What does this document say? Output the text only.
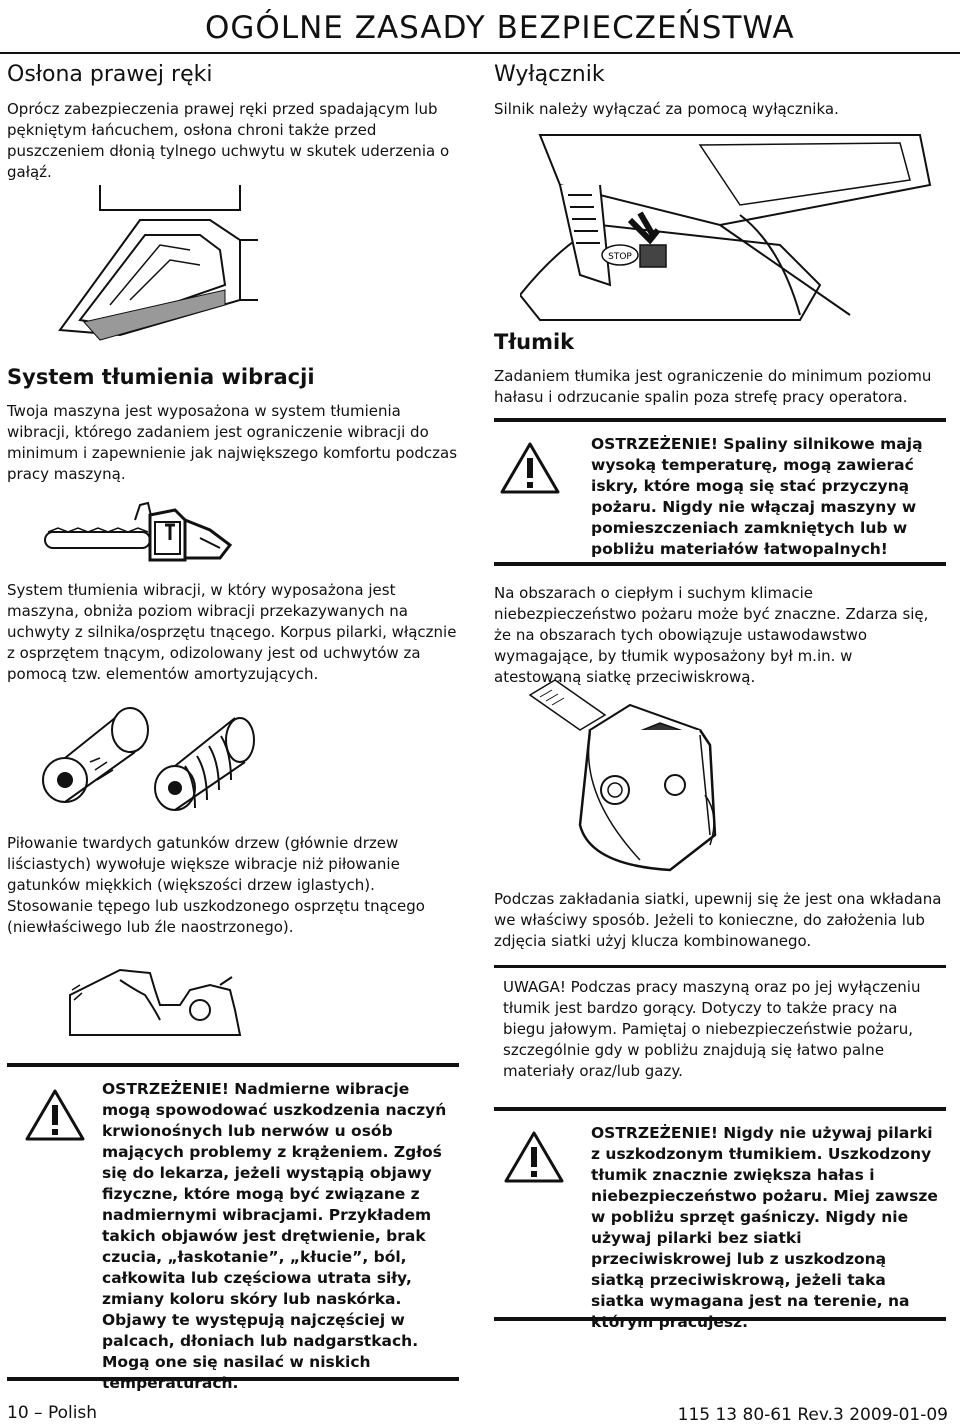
OGÓLNE ZASADY BEZPIECZEŃSTWA
Osłona prawej ręki

Oprócz zabezpieczenia prawej ręki przed spadającym lub pękniętym łańcuchem, osłona chroni także przed puszczeniem dłonią tylnego uchwytu w skutek uderzenia o gałąź.

System tłumienia wibracji

Twoja maszyna jest wyposażona w system tłumienia wibracji, którego zadaniem jest ograniczenie wibracji do minimum i zapewnienie jak największego komfortu podczas pracy maszyną.

System tłumienia wibracji, w który wyposażona jest maszyna, obniża poziom wibracji przekazywanych na uchwyty z silnika/osprzętu tnącego. Korpus pilarki, włącznie z osprzętem tnącym, odizolowany jest od uchwytów za pomocą tzw. elementów amortyzujących.

Piłowanie twardych gatunków drzew (głównie drzew liściastych) wywołuje większe wibracje niż piłowanie gatunków miękkich (większości drzew iglastych). Stosowanie tępego lub uszkodzonego osprzętu tnącego (niewłaściwego lub źle naostrzonego).

OSTRZEŻENIE! Nadmierne wibracje mogą spowodować uszkodzenia naczyń krwionośnych lub nerwów u osób mających problemy z krążeniem. Zgłoś się do lekarza, jeżeli wystąpią objawy fizyczne, które mogą być związane z nadmiernymi wibracjami. Przykładem takich objawów jest drętwienie, brak czucia, „łaskotanie”, „kłucie”, ból, całkowita lub częściowa utrata siły, zmiany koloru skóry lub naskórka. Objawy te występują najczęściej w palcach, dłoniach lub nadgarstkach. Mogą one się nasilać w niskich temperaturach.
Wyłącznik

Silnik należy wyłączać za pomocą wyłącznika.

STOP
Tłumik

Zadaniem tłumika jest ograniczenie do minimum poziomu hałasu i odrzucanie spalin poza strefę pracy operatora.

OSTRZEŻENIE! Spaliny silnikowe mają wysoką temperaturę, mogą zawierać iskry, które mogą się stać przyczyną pożaru. Nigdy nie włączaj maszyny w pomieszczeniach zamkniętych lub w pobliżu materiałów łatwopalnych!

Na obszarach o ciepłym i suchym klimacie niebezpieczeństwo pożaru może być znaczne. Zdarza się, że na obszarach tych obowiązuje ustawodawstwo wymagające, by tłumik wyposażony był m.in. w atestowaną siatkę przeciwiskrową.

Podczas zakładania siatki, upewnij się że jest ona wkładana we właściwy sposób. Jeżeli to konieczne, do założenia lub zdjęcia siatki użyj klucza kombinowanego.

UWAGA! Podczas pracy maszyną oraz po jej wyłączeniu tłumik jest bardzo gorący. Dotyczy to także pracy na biegu jałowym. Pamiętaj o niebezpieczeństwie pożaru, szczególnie gdy w pobliżu znajdują się łatwo palne materiały oraz/lub gazy.

OSTRZEŻENIE! Nigdy nie używaj pilarki z uszkodzonym tłumikiem. Uszkodzony tłumik znacznie zwiększa hałas i niebezpieczeństwo pożaru. Miej zawsze w pobliżu sprzęt gaśniczy. Nigdy nie używaj pilarki bez siatki przeciwiskrowej lub z uszkodzoną siatką przeciwiskrową, jeżeli taka siatka wymagana jest na terenie, na którym pracujesz.
10 – Polish	115 13 80-61 Rev.3 2009-01-09
